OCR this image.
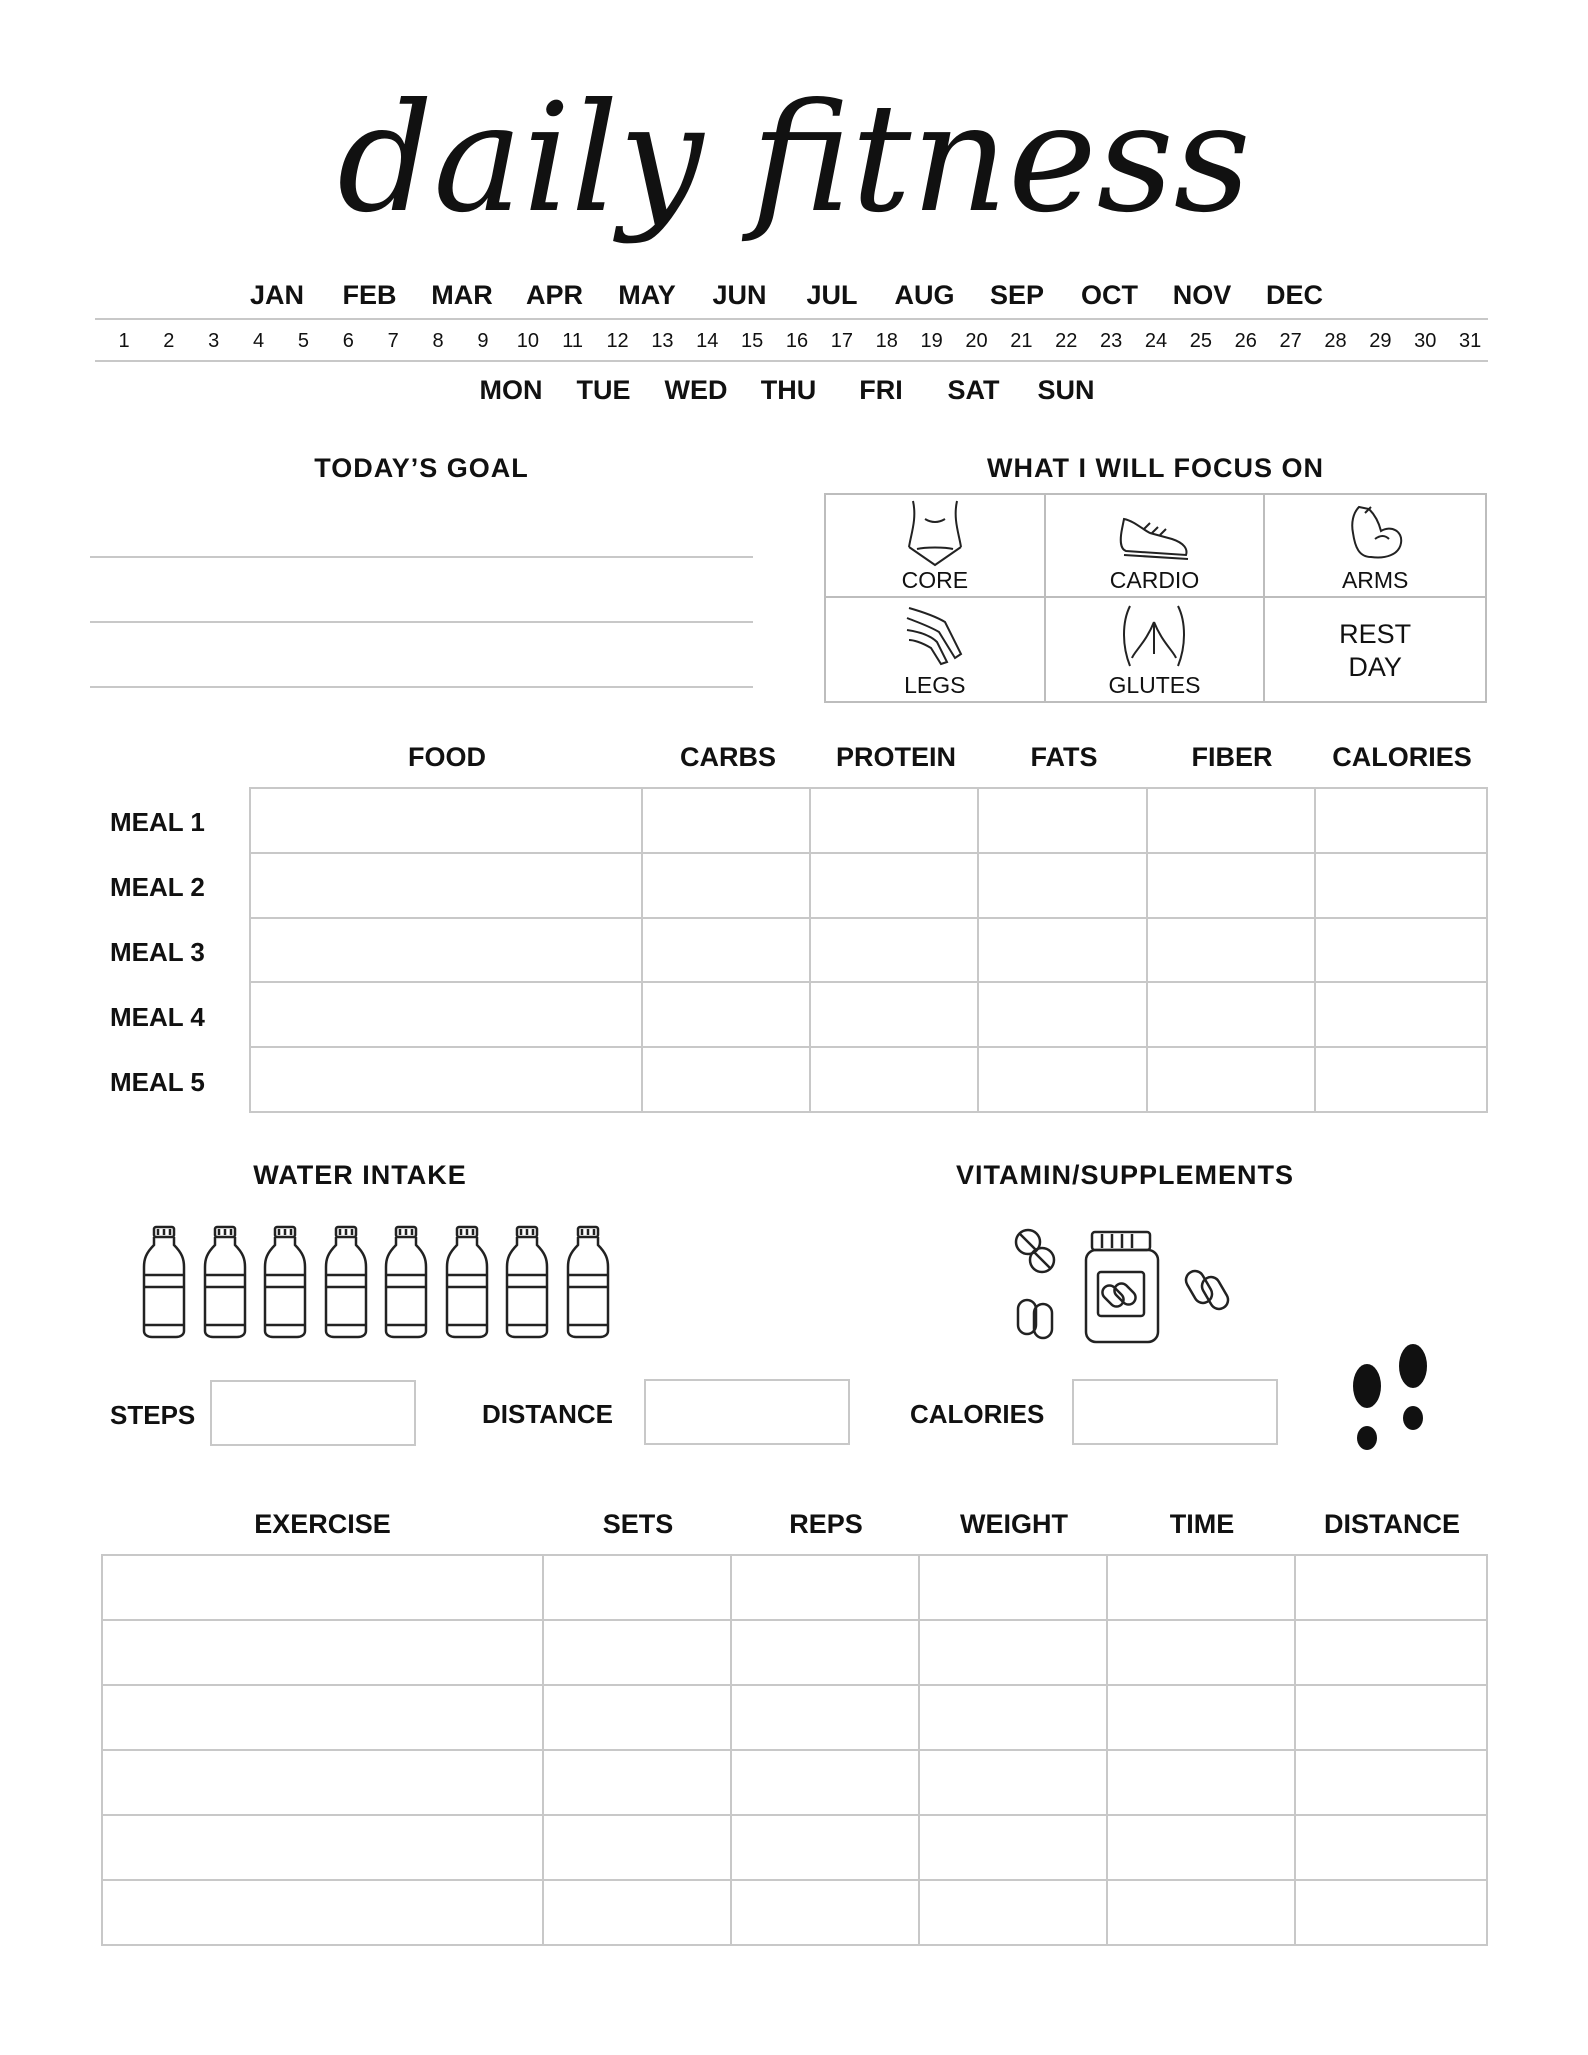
daily fitness
JAN	FEB	MAR	APR	MAY	JUN	JUL	AUG	SEP	OCT	NOV	DEC
1	2	3	4	5	6	7	8	9	10	11	12	13	14	15	16	17	18	19	20	21	22	23	24	25	26	27	28	29	30	31
MON	TUE	WED	THU	FRI	SAT	SUN
TODAY’S GOAL	WHAT I WILL FOCUS ON
CORE	CARDIO	ARMS
LEGS	GLUTES
REST
DAY
FOOD	CARBS	PROTEIN	FATS	FIBER	CALORIES
MEAL 1
MEAL 2
MEAL 3
MEAL 4
MEAL 5

WATER INTAKE	VITAMIN/SUPPLEMENTS
STEPS	DISTANCE	CALORIES
EXERCISE	SETS	REPS	WEIGHT	TIME	DISTANCE
